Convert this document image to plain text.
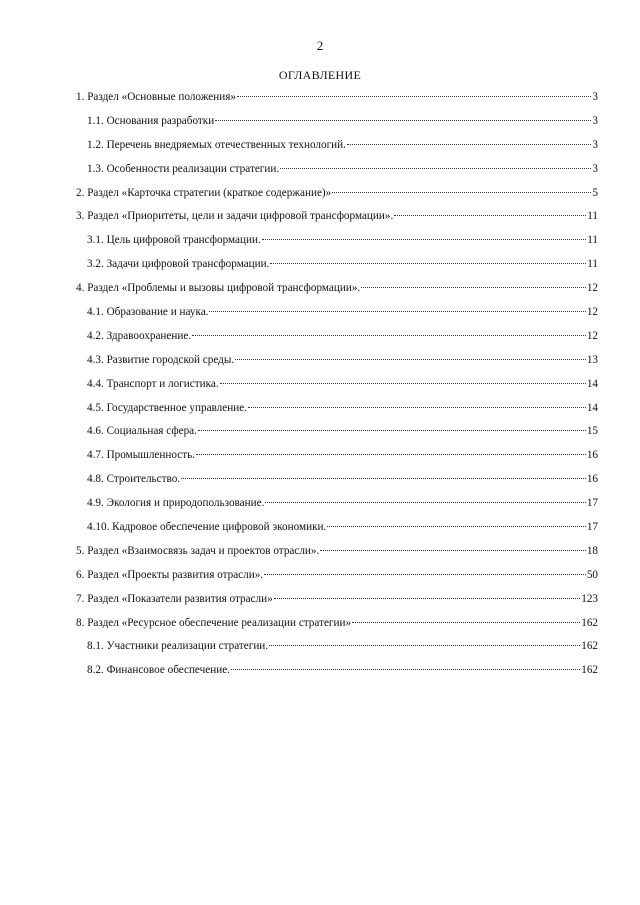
2
ОГЛАВЛЕНИЕ
1. Раздел «Основные положения»	3
1.1. Основания разработки	3
1.2. Перечень внедряемых отечественных технологий.	3
1.3. Особенности реализации стратегии.	3
2. Раздел «Карточка стратегии (краткое содержание)»	5
3. Раздел «Приоритеты, цели и задачи цифровой трансформации».	11
3.1. Цель цифровой трансформации.	11
3.2. Задачи цифровой трансформации.	11
4. Раздел «Проблемы и вызовы цифровой трансформации».	12
4.1. Образование и наука.	12
4.2. Здравоохранение.	12
4.3. Развитие городской среды.	13
4.4. Транспорт и логистика.	14
4.5. Государственное управление.	14
4.6. Социальная сфера.	15
4.7. Промышленность.	16
4.8. Строительство.	16
4.9. Экология и природопользование.	17
4.10. Кадровое обеспечение цифровой экономики.	17
5. Раздел «Взаимосвязь задач и проектов отрасли».	18
6. Раздел «Проекты развития отрасли».	50
7. Раздел «Показатели развития отрасли»	123
8. Раздел «Ресурсное обеспечение реализации стратегии»	162
8.1. Участники реализации стратегии.	162
8.2. Финансовое обеспечение.	162
